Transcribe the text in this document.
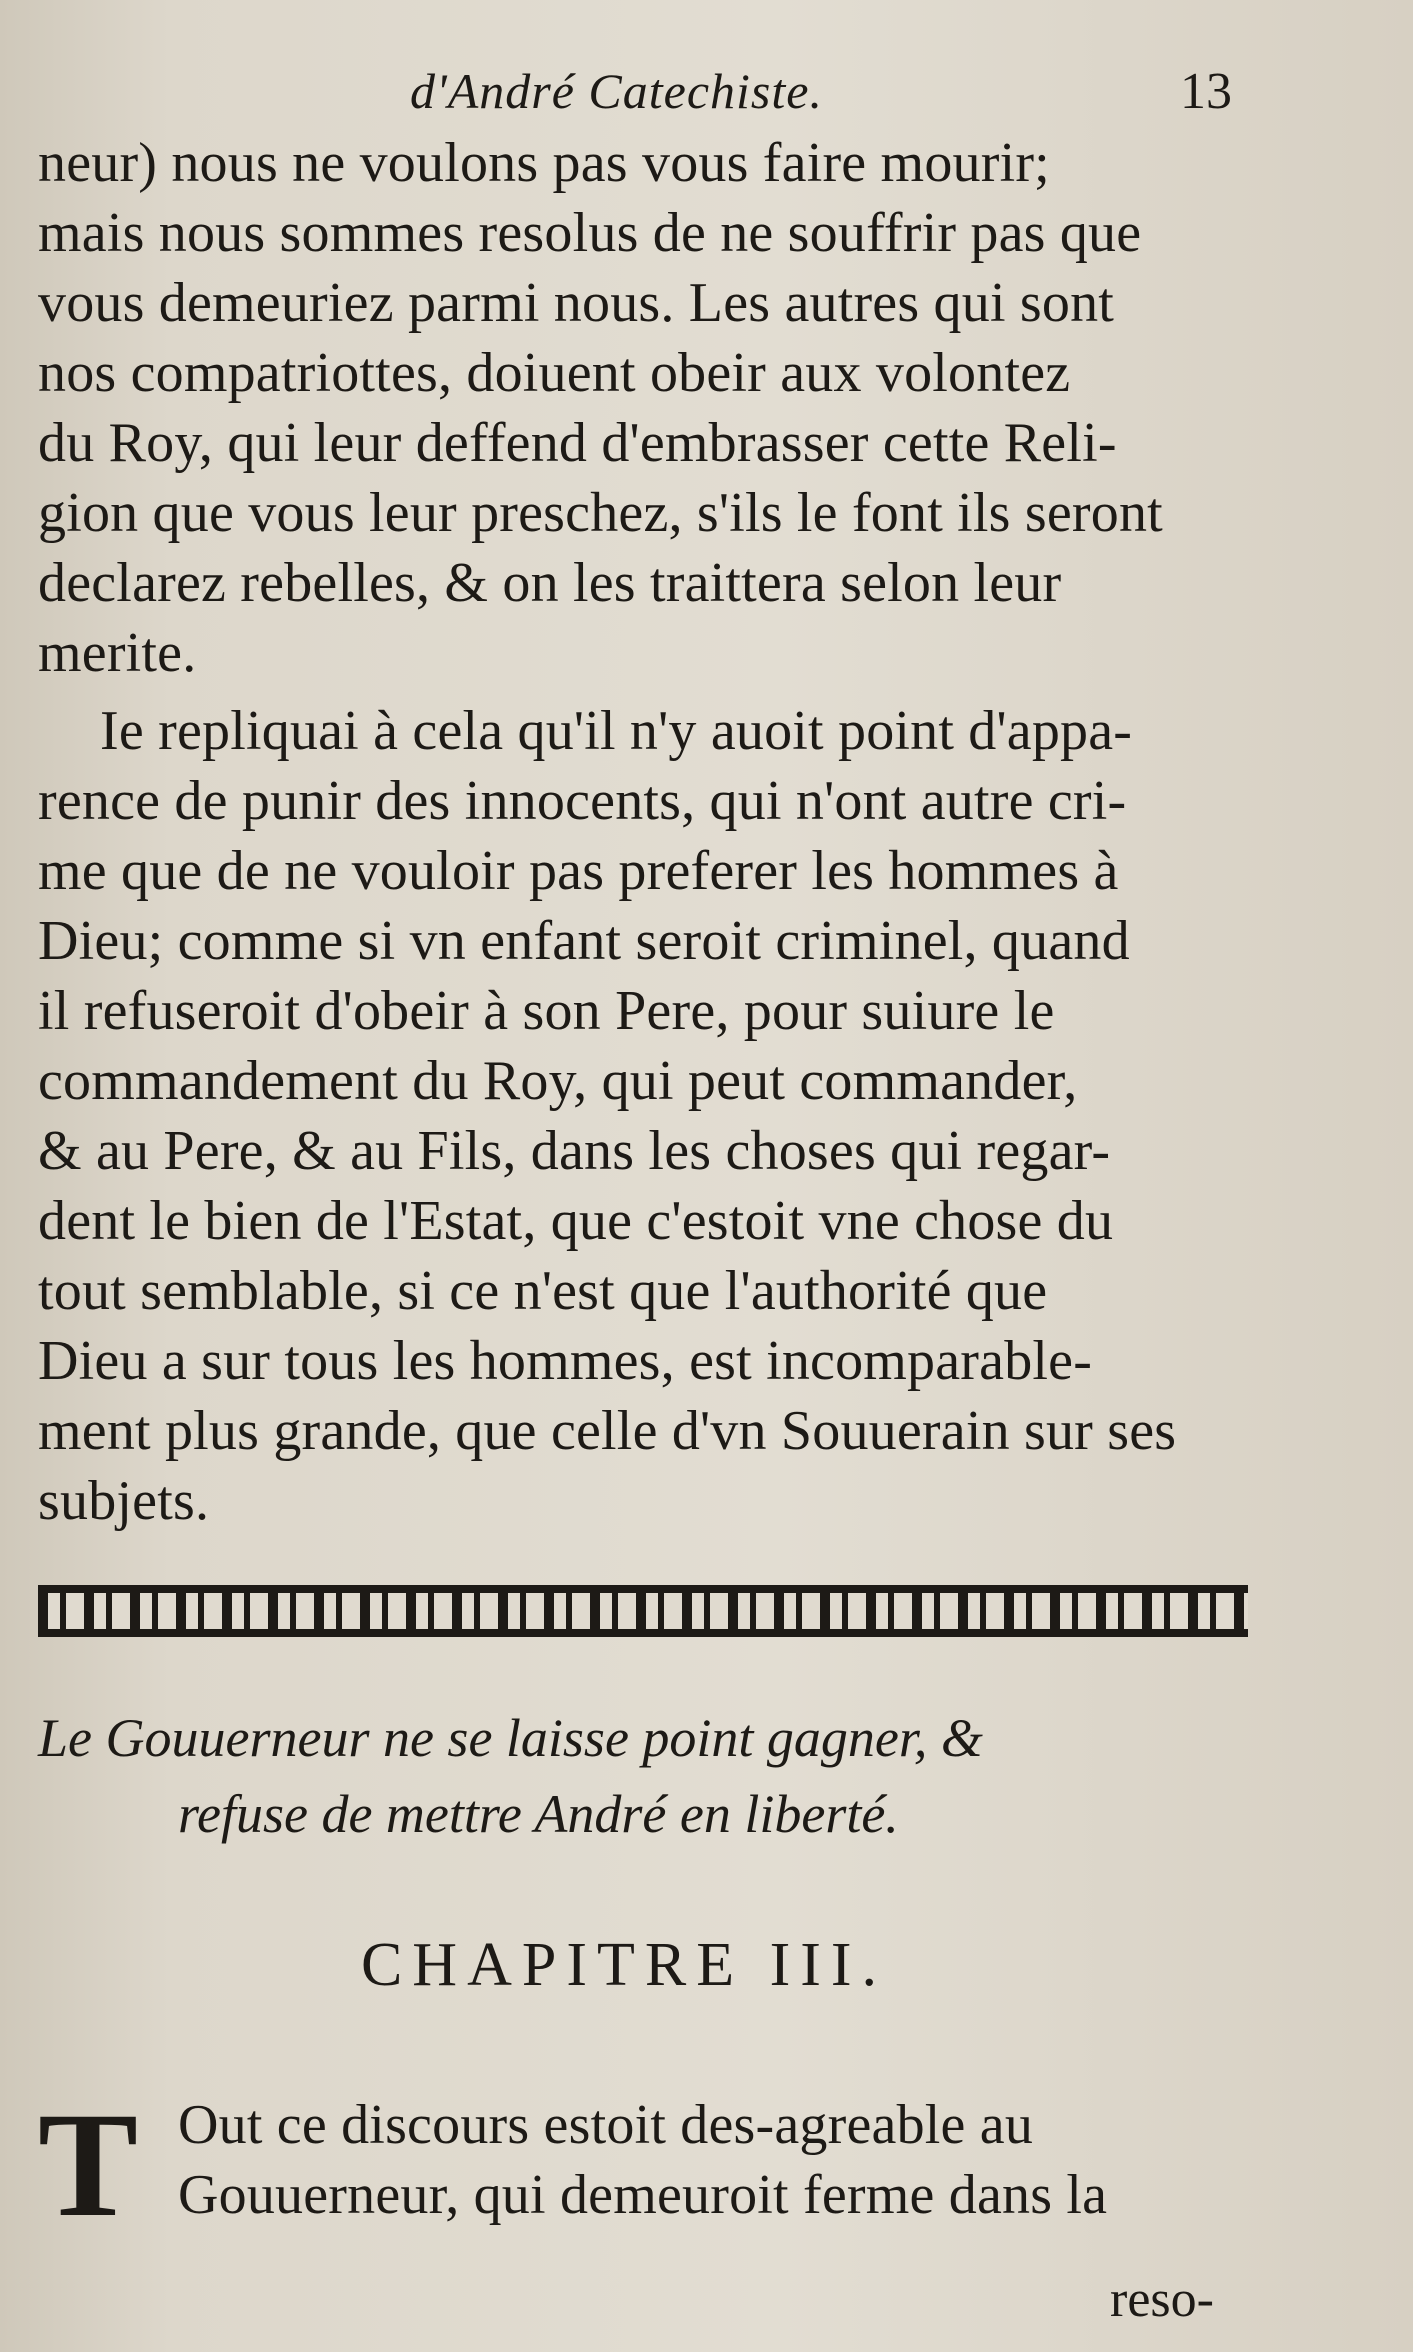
d'André Catechiste.	13
neur) nous ne voulons pas vous faire mourir;
mais nous sommes resolus de ne souffrir pas que
vous demeuriez parmi nous. Les autres qui sont
nos compatriottes, doiuent obeir aux volontez
du Roy, qui leur deffend d'embrasser cette Reli-
gion que vous leur preschez, s'ils le font ils seront
declarez rebelles, & on les traittera selon leur
merite.
Ie repliquai à cela qu'il n'y auoit point d'appa-
rence de punir des innocents, qui n'ont autre cri-
me que de ne vouloir pas preferer les hommes à
Dieu; comme si vn enfant seroit criminel, quand
il refuseroit d'obeir à son Pere, pour suiure le
commandement du Roy, qui peut commander,
& au Pere, & au Fils, dans les choses qui regar-
dent le bien de l'Estat, que c'estoit vne chose du
tout semblable, si ce n'est que l'authorité que
Dieu a sur tous les hommes, est incomparable-
ment plus grande, que celle d'vn Souuerain sur ses
subjets.
Le Gouuerneur ne se laisse point gagner, &
refuse de mettre André en liberté.
CHAPITRE III.
T Out ce discours estoit des-agreable au
Gouuerneur, qui demeuroit ferme dans la
reso-
